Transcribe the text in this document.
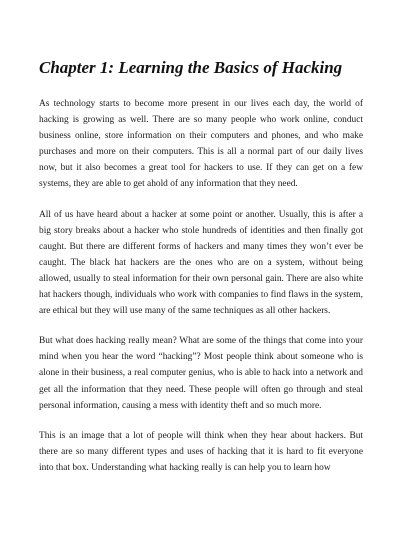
Chapter 1: Learning the Basics of Hacking

As technology starts to become more present in our lives each day, the world of hacking is growing as well. There are so many people who work online, conduct business online, store information on their computers and phones, and who make purchases and more on their computers. This is all a normal part of our daily lives now, but it also becomes a great tool for hackers to use. If they can get on a few systems, they are able to get ahold of any information that they need.

All of us have heard about a hacker at some point or another. Usually, this is after a big story breaks about a hacker who stole hundreds of identities and then finally got caught. But there are different forms of hackers and many times they won’t ever be caught. The black hat hackers are the ones who are on a system, without being allowed, usually to steal information for their own personal gain. There are also white hat hackers though, individuals who work with companies to find flaws in the system, are ethical but they will use many of the same techniques as all other hackers.

But what does hacking really mean? What are some of the things that come into your mind when you hear the word “hacking”? Most people think about someone who is alone in their business, a real computer genius, who is able to hack into a network and get all the information that they need. These people will often go through and steal personal information, causing a mess with identity theft and so much more.

This is an image that a lot of people will think when they hear about hackers. But there are so many different types and uses of hacking that it is hard to fit everyone into that box. Understanding what hacking really is can help you to learn how
